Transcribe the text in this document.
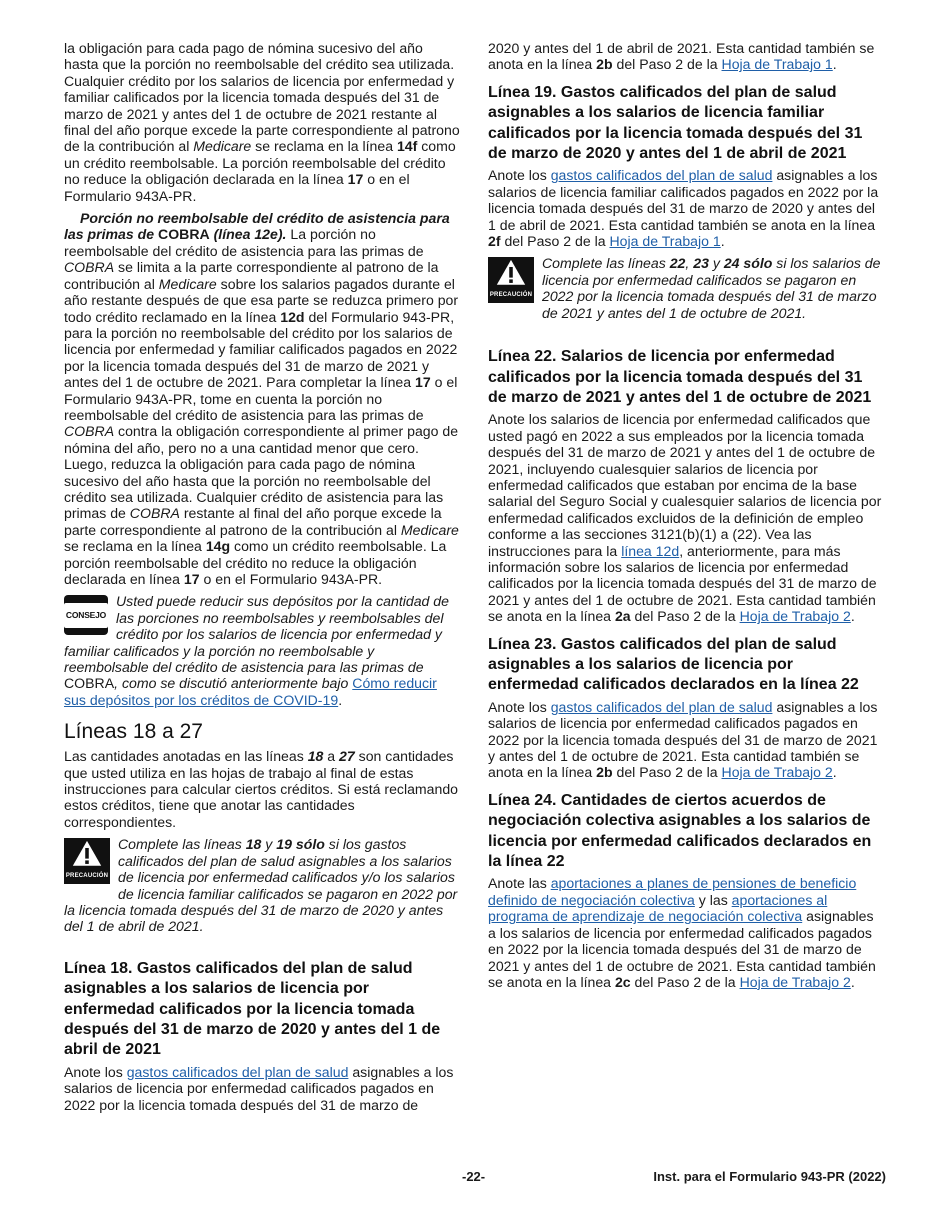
la obligación para cada pago de nómina sucesivo del año hasta que la porción no reembolsable del crédito sea utilizada. Cualquier crédito por los salarios de licencia por enfermedad y familiar calificados por la licencia tomada después del 31 de marzo de 2021 y antes del 1 de octubre de 2021 restante al final del año porque excede la parte correspondiente al patrono de la contribución al Medicare se reclama en la línea 14f como un crédito reembolsable. La porción reembolsable del crédito no reduce la obligación declarada en la línea 17 o en el Formulario 943A-PR.

Porción no reembolsable del crédito de asistencia para las primas de COBRA (línea 12e). La porción no reembolsable del crédito de asistencia para las primas de COBRA se limita a la parte correspondiente al patrono de la contribución al Medicare sobre los salarios pagados durante el año restante después de que esa parte se reduzca primero por todo crédito reclamado en la línea 12d del Formulario 943-PR, para la porción no reembolsable del crédito por los salarios de licencia por enfermedad y familiar calificados pagados en 2022 por la licencia tomada después del 31 de marzo de 2021 y antes del 1 de octubre de 2021. Para completar la línea 17 o el Formulario 943A-PR, tome en cuenta la porción no reembolsable del crédito de asistencia para las primas de COBRA contra la obligación correspondiente al primer pago de nómina del año, pero no a una cantidad menor que cero. Luego, reduzca la obligación para cada pago de nómina sucesivo del año hasta que la porción no reembolsable del crédito sea utilizada. Cualquier crédito de asistencia para las primas de COBRA restante al final del año porque excede la parte correspondiente al patrono de la contribución al Medicare se reclama en la línea 14g como un crédito reembolsable. La porción reembolsable del crédito no reduce la obligación declarada en línea 17 o en el Formulario 943A-PR.

CONSEJO
Usted puede reducir sus depósitos por la cantidad de las porciones no reembolsables y reembolsables del crédito por los salarios de licencia por enfermedad y familiar calificados y la porción no reembolsable y reembolsable del crédito de asistencia para las primas de COBRA, como se discutió anteriormente bajo Cómo reducir sus depósitos por los créditos de COVID-19.
Líneas 18 a 27

Las cantidades anotadas en las líneas 18 a 27 son cantidades que usted utiliza en las hojas de trabajo al final de estas instrucciones para calcular ciertos créditos. Si está reclamando estos créditos, tiene que anotar las cantidades correspondientes.

PRECAUCIÓN
Complete las líneas 18 y 19 sólo si los gastos calificados del plan de salud asignables a los salarios de licencia por enfermedad calificados y/o los salarios de licencia familiar calificados se pagaron en 2022 por la licencia tomada después del 31 de marzo de 2020 y antes del 1 de abril de 2021.
Línea 18. Gastos calificados del plan de salud asignables a los salarios de licencia por enfermedad calificados por la licencia tomada después del 31 de marzo de 2020 y antes del 1 de abril de 2021

Anote los gastos calificados del plan de salud asignables a los salarios de licencia por enfermedad calificados pagados en 2022 por la licencia tomada después del 31 de marzo de

2020 y antes del 1 de abril de 2021. Esta cantidad también se anota en la línea 2b del Paso 2 de la Hoja de Trabajo 1.

Línea 19. Gastos calificados del plan de salud asignables a los salarios de licencia familiar calificados por la licencia tomada después del 31 de marzo de 2020 y antes del 1 de abril de 2021

Anote los gastos calificados del plan de salud asignables a los salarios de licencia familiar calificados pagados en 2022 por la licencia tomada después del 31 de marzo de 2020 y antes del 1 de abril de 2021. Esta cantidad también se anota en la línea 2f del Paso 2 de la Hoja de Trabajo 1.

PRECAUCIÓN
Complete las líneas 22, 23 y 24 sólo si los salarios de licencia por enfermedad calificados se pagaron en 2022 por la licencia tomada después del 31 de marzo de 2021 y antes del 1 de octubre de 2021.
Línea 22. Salarios de licencia por enfermedad calificados por la licencia tomada después del 31 de marzo de 2021 y antes del 1 de octubre de 2021

Anote los salarios de licencia por enfermedad calificados que usted pagó en 2022 a sus empleados por la licencia tomada después del 31 de marzo de 2021 y antes del 1 de octubre de 2021, incluyendo cualesquier salarios de licencia por enfermedad calificados que estaban por encima de la base salarial del Seguro Social y cualesquier salarios de licencia por enfermedad calificados excluidos de la definición de empleo conforme a las secciones 3121(b)(1) a (22). Vea las instrucciones para la línea 12d, anteriormente, para más información sobre los salarios de licencia por enfermedad calificados por la licencia tomada después del 31 de marzo de 2021 y antes del 1 de octubre de 2021. Esta cantidad también se anota en la línea 2a del Paso 2 de la Hoja de Trabajo 2.

Línea 23. Gastos calificados del plan de salud asignables a los salarios de licencia por enfermedad calificados declarados en la línea 22

Anote los gastos calificados del plan de salud asignables a los salarios de licencia por enfermedad calificados pagados en 2022 por la licencia tomada después del 31 de marzo de 2021 y antes del 1 de octubre de 2021. Esta cantidad también se anota en la línea 2b del Paso 2 de la Hoja de Trabajo 2.

Línea 24. Cantidades de ciertos acuerdos de negociación colectiva asignables a los salarios de licencia por enfermedad calificados declarados en la línea 22

Anote las aportaciones a planes de pensiones de beneficio definido de negociación colectiva y las aportaciones al programa de aprendizaje de negociación colectiva asignables a los salarios de licencia por enfermedad calificados pagados en 2022 por la licencia tomada después del 31 de marzo de 2021 y antes del 1 de octubre de 2021. Esta cantidad también se anota en la línea 2c del Paso 2 de la Hoja de Trabajo 2.

-22-	Inst. para el Formulario 943-PR (2022)
